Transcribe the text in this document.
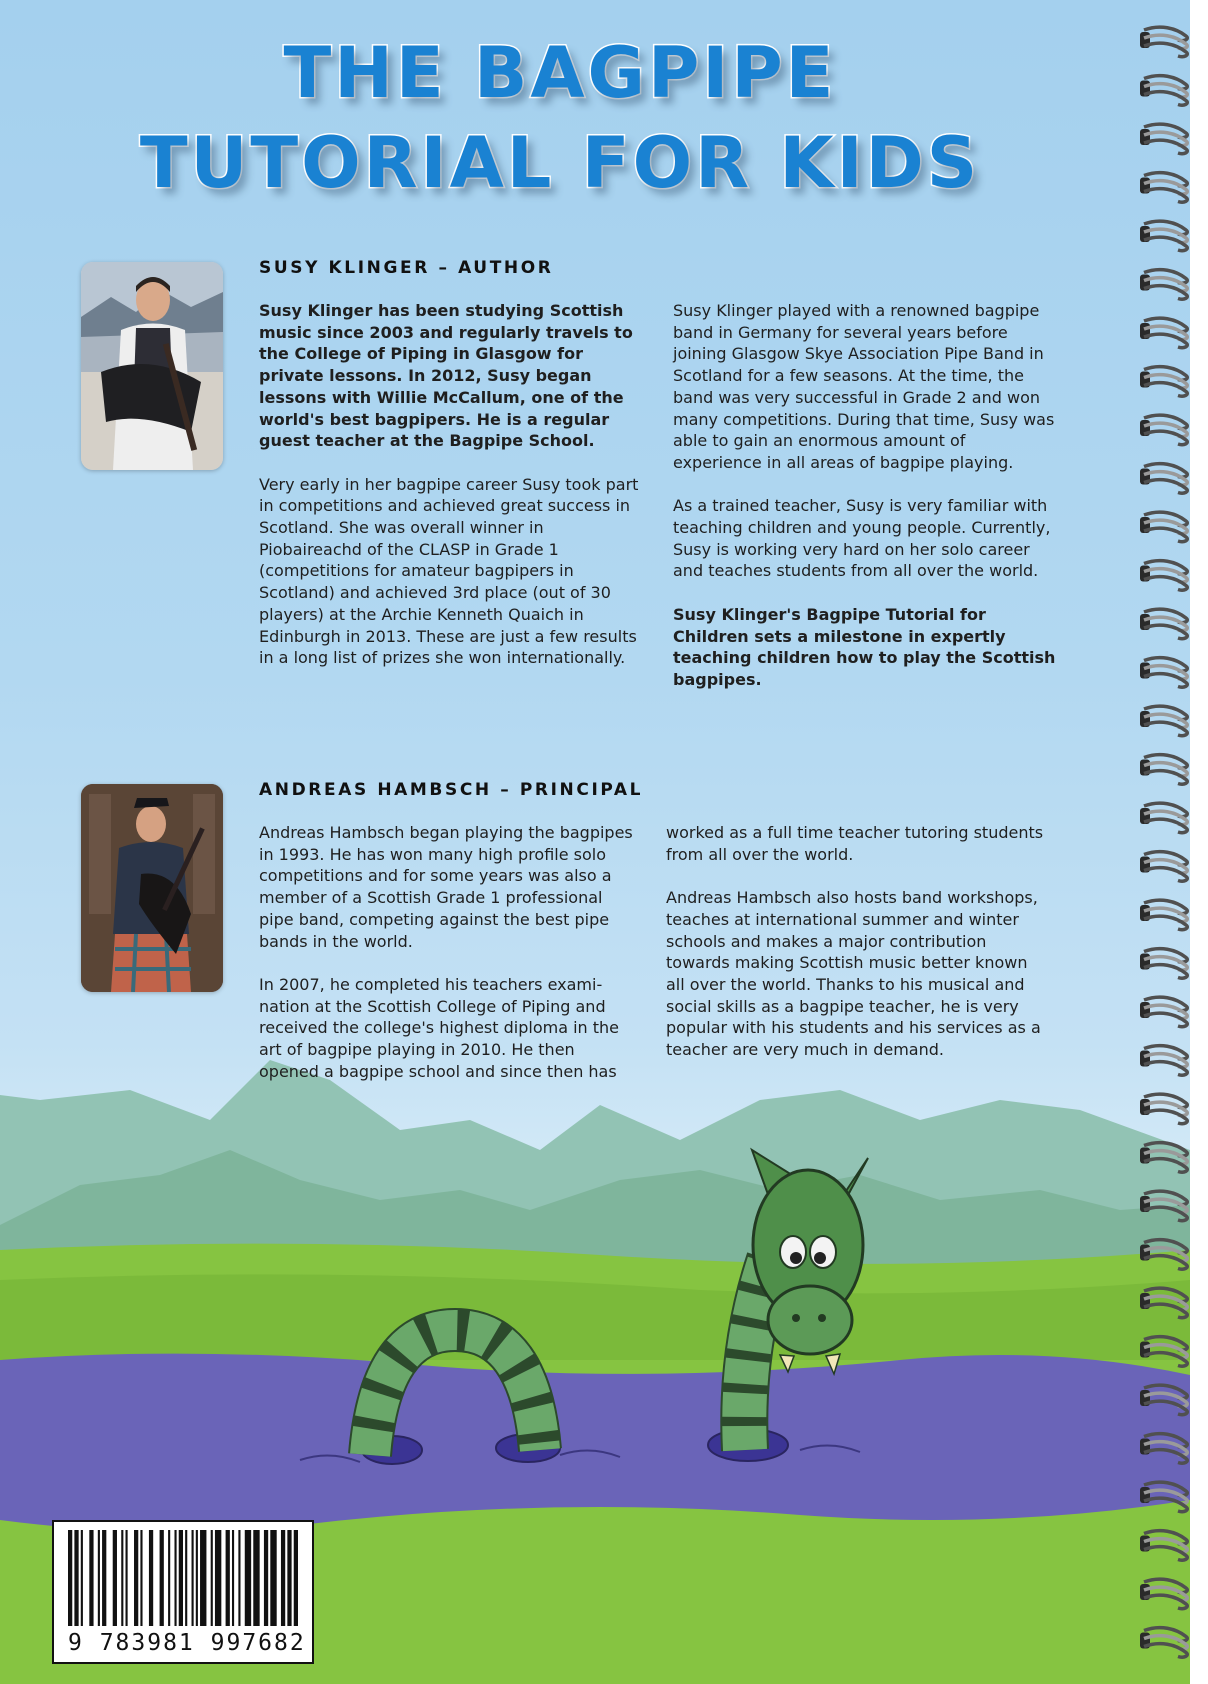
THE BAGPIPE
TUTORIAL FOR KIDS
SUSY KLINGER – AUTHOR

Susy Klinger has been studying Scottish music since 2003 and regularly travels to the College of Piping in Glasgow for private lessons. In 2012, Susy began lessons with Willie McCallum, one of the world's best bagpipers. He is a regular guest teacher at the Bagpipe School.

Very early in her bagpipe career Susy took part in competitions and achieved great success in Scotland. She was overall winner in Piobaireachd of the CLASP in Grade 1 (competitions for amateur bagpipers in Scotland) and achieved 3rd place (out of 30 players) at the Archie Kenneth Quaich in Edinburgh in 2013. These are just a few results in a long list of prizes she won internationally.

Susy Klinger played with a renowned bagpipe band in Germany for several years before joining Glasgow Skye Association Pipe Band in Scotland for a few seasons. At the time, the band was very successful in Grade 2 and won many competitions. During that time, Susy was able to gain an enormous amount of experience in all areas of bagpipe playing.

As a trained teacher, Susy is very familiar with teaching children and young people. Currently, Susy is working very hard on her solo career and teaches students from all over the world.

Susy Klinger's Bagpipe Tutorial for Children sets a milestone in expertly teaching children how to play the Scottish bagpipes.

ANDREAS HAMBSCH – PRINCIPAL

Andreas Hambsch began playing the bagpipes in 1993. He has won many high profile solo competitions and for some years was also a member of a Scottish Grade 1 professional pipe band, competing against the best pipe bands in the world.

In 2007, he completed his teachers examination at the Scottish College of Piping and received the college's highest diploma in the art of bagpipe playing in 2010. He then opened a bagpipe school and since then has

worked as a full time teacher tutoring students from all over the world.

Andreas Hambsch also hosts band workshops, teaches at international summer and winter schools and makes a major contribution towards making Scottish music better known all over the world. Thanks to his musical and social skills as a bagpipe teacher, he is very popular with his students and his services as a teacher are very much in demand.

9 783981 997682
